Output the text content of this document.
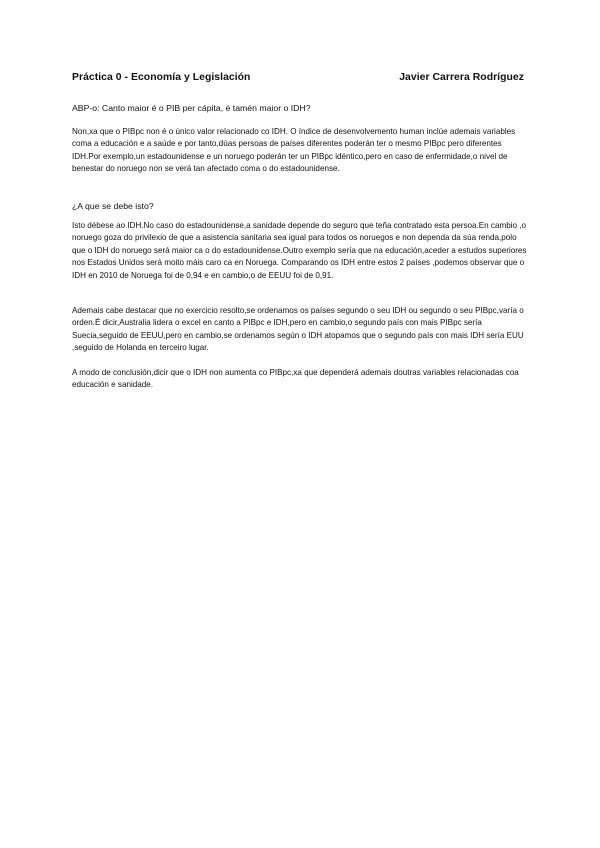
Práctica 0 - Economía y Legislación	Javier Carrera Rodríguez
ABP-o: Canto maior é o PIB per cápita, é tamén maior o IDH?

Non,xa que o PIBpc non é o único valor relacionado co IDH. O índice de desenvolvemento human inclúe ademais variables coma a educación e a saúde e por tanto,dúas persoas de países diferentes poderán ter o mesmo PIBpc pero diferentes IDH.Por exemplo,un estadounidense e un noruego poderán ter un PIBpc idéntico,pero en caso de enfermidade,o nivel de benestar do noruego non se verá tan afectado coma o do estadounidense.

¿A que se debe isto?

Isto débese ao IDH.No caso do estadounidense,a sanidade depende do seguro que teña contratado esta persoa.En cambio ,o noruego goza do privilexio de que a asistencia sanitaria sea igual para todos os noruegos e non dependa da súa renda,polo que o IDH do noruego será maior ca o do estadounidense.Outro exemplo sería que na educación,aceder a estudos superiores nos Estados Unidos será moito máis caro ca en Noruega. Comparando os IDH entre estos 2 países ,podemos observar que o IDH en 2010 de Noruega foi de 0,94 e en cambio,o de EEUU foi de 0,91.

Ademais cabe destacar que no exercicio resolto,se ordenamos os países segundo o seu IDH ou segundo o seu PIBpc,varía o orden.É dicir,Australia lidera o excel en canto a PIBpc e IDH,pero en cambio,o segundo país con mais PIBpc sería Suecia,seguido de EEUU,pero en cambio,se ordenamos según o IDH atopamos que o segundo país con mais IDH sería EUU ,seguido de Holanda en terceiro lugar.

A modo de conclusión,dicir que o IDH non aumenta co PIBpc,xa que dependerá ademais doutras variables relacionadas coa educación e sanidade.
